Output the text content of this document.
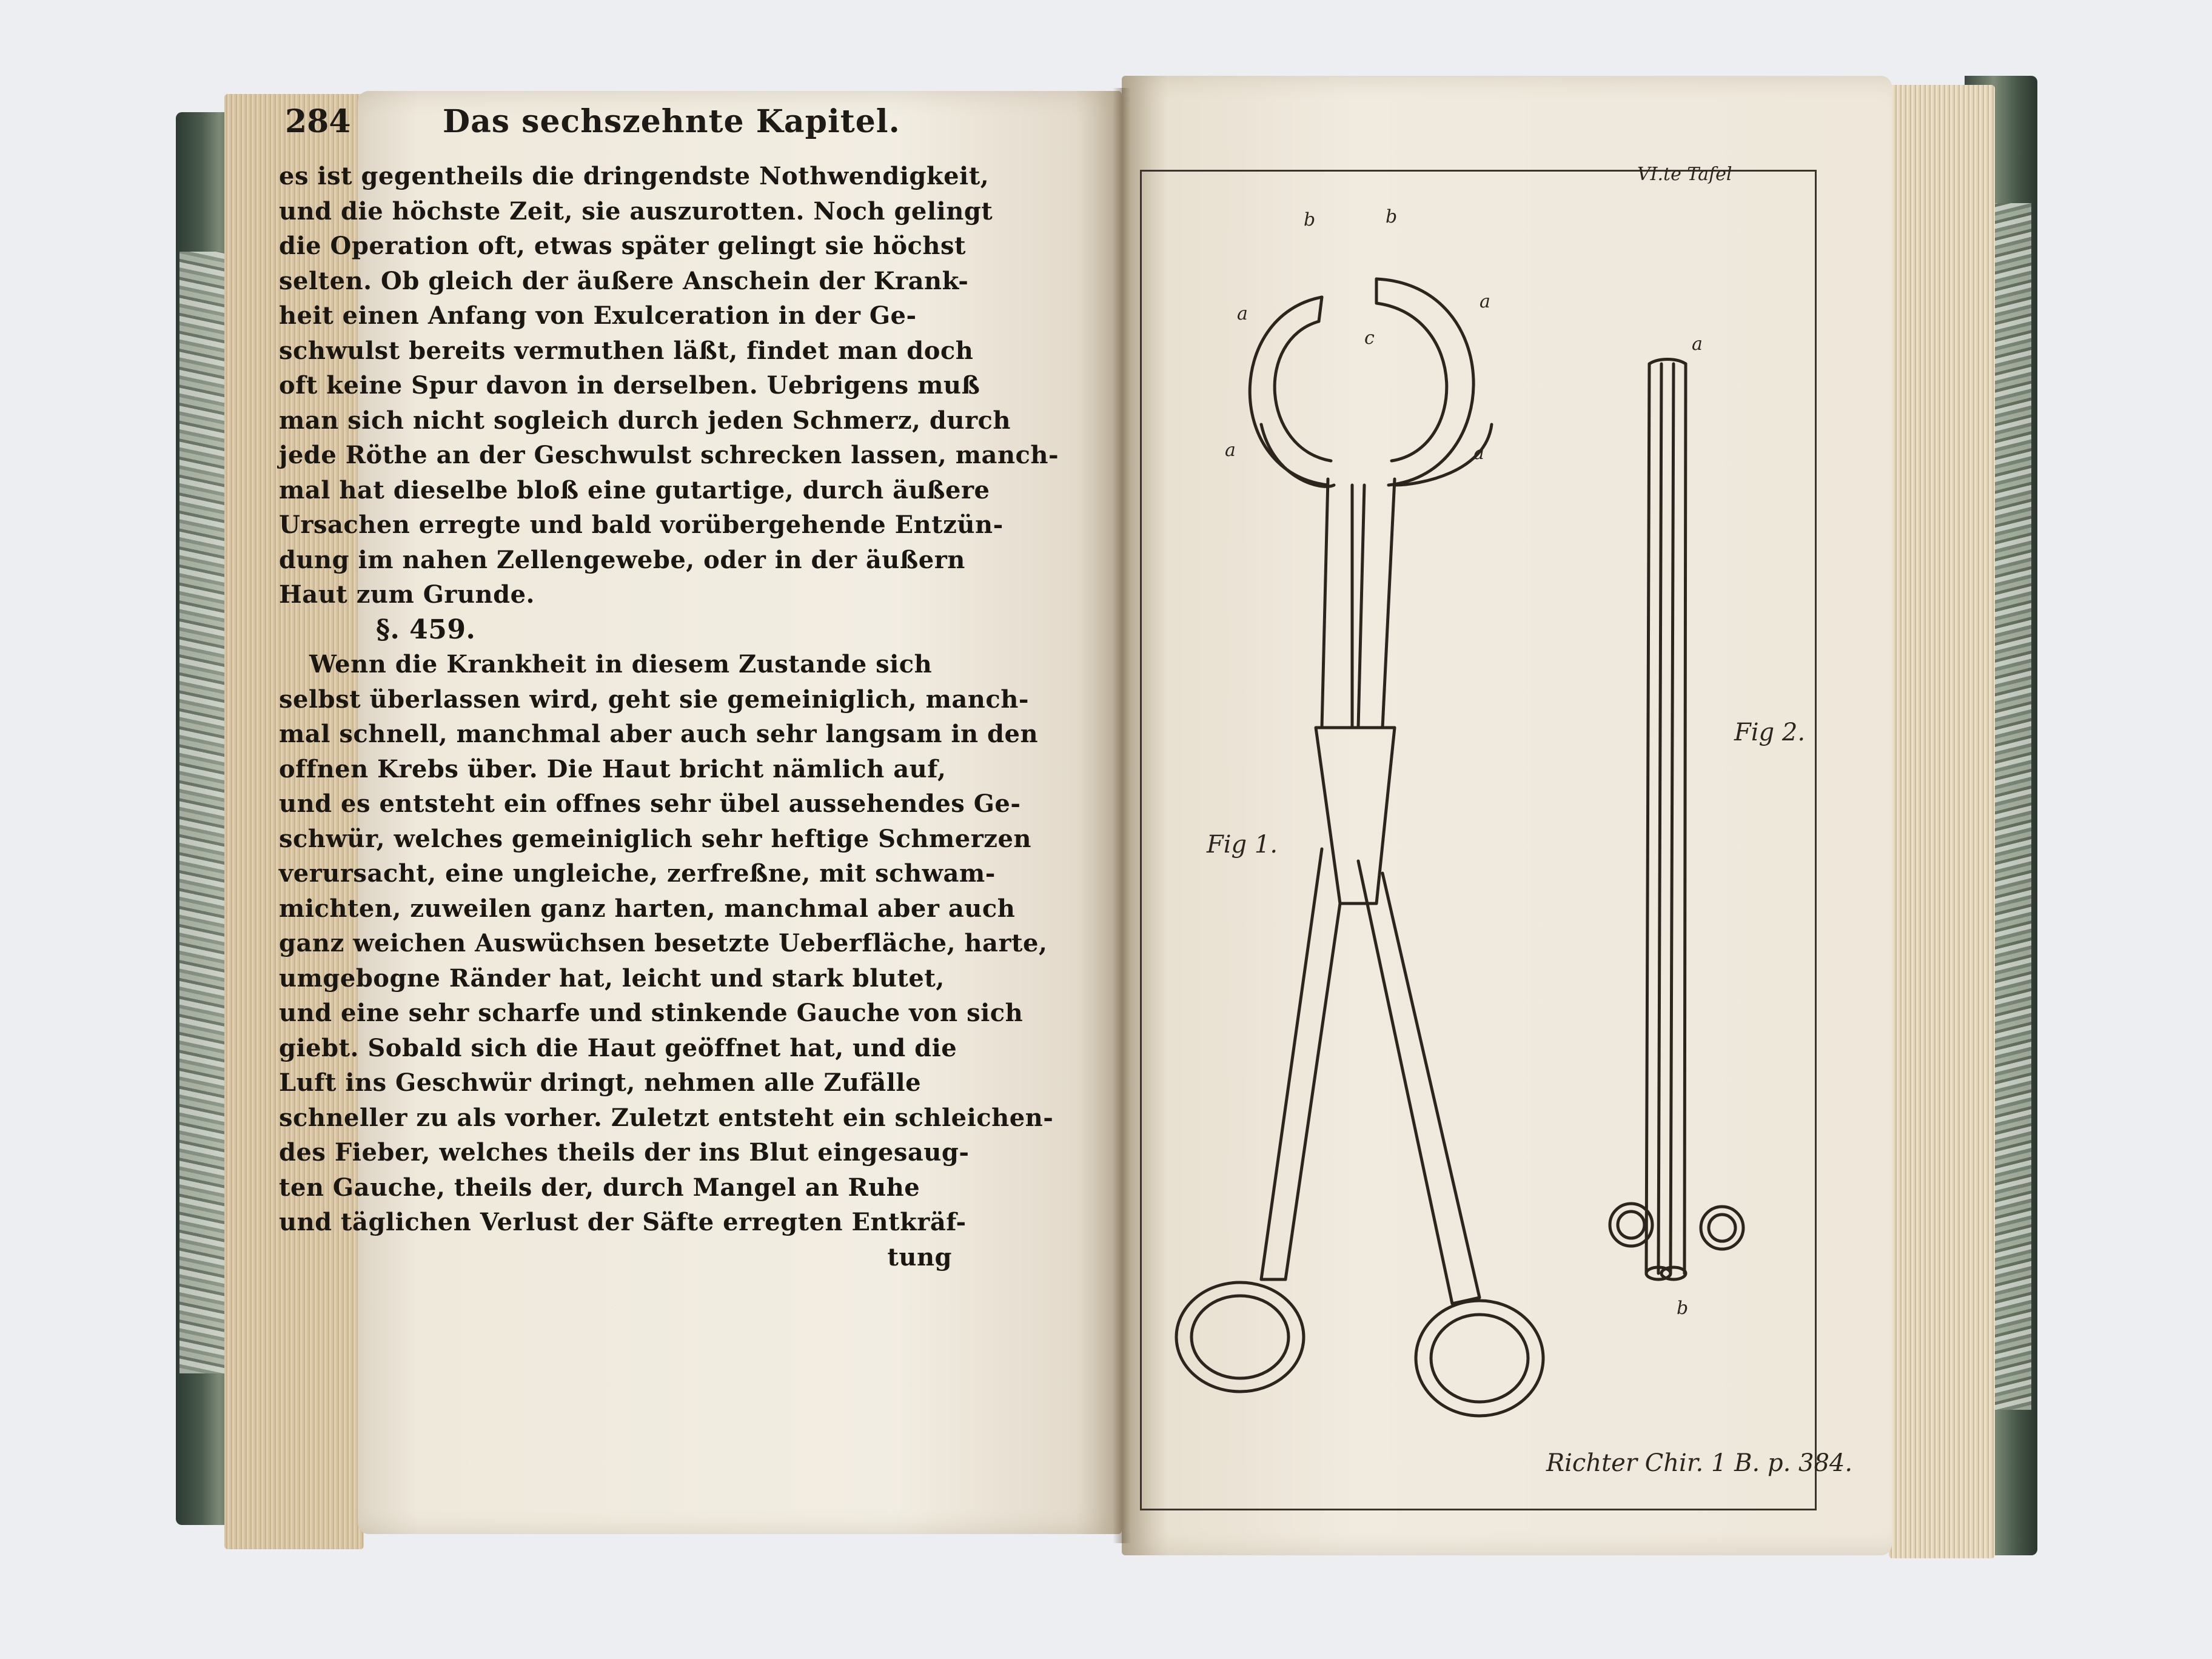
284	Das sechszehnte Kapitel.
es ist gegentheils die dringendste Nothwendigkeit,
und die höchste Zeit, sie auszurotten. Noch gelingt
die Operation oft, etwas später gelingt sie höchst
selten. Ob gleich der äußere Anschein der Krank-
heit einen Anfang von Exulceration in der Ge-
schwulst bereits vermuthen läßt, findet man doch
oft keine Spur davon in derselben. Uebrigens muß
man sich nicht sogleich durch jeden Schmerz, durch
jede Röthe an der Geschwulst schrecken lassen, manch-
mal hat dieselbe bloß eine gutartige, durch äußere
Ursachen erregte und bald vorübergehende Entzün-
dung im nahen Zellengewebe, oder in der äußern
Haut zum Grunde.
§. 459.
Wenn die Krankheit in diesem Zustande sich
selbst überlassen wird, geht sie gemeiniglich, manch-
mal schnell, manchmal aber auch sehr langsam in den
offnen Krebs über. Die Haut bricht nämlich auf,
und es entsteht ein offnes sehr übel aussehendes Ge-
schwür, welches gemeiniglich sehr heftige Schmerzen
verursacht, eine ungleiche, zerfreßne, mit schwam-
michten, zuweilen ganz harten, manchmal aber auch
ganz weichen Auswüchsen besetzte Ueberfläche, harte,
umgebogne Ränder hat, leicht und stark blutet,
und eine sehr scharfe und stinkende Gauche von sich
giebt. Sobald sich die Haut geöffnet hat, und die
Luft ins Geschwür dringt, nehmen alle Zufälle
schneller zu als vorher. Zuletzt entsteht ein schleichen-
des Fieber, welches theils der ins Blut eingesaug-
ten Gauche, theils der, durch Mangel an Ruhe
und täglichen Verlust der Säfte erregten Entkräf-
tung
VI.te Tafel
b	b
c
a
a
a	a
a
b
Fig 1.
Fig 2.
Richter Chir. 1 B. p. 384.
